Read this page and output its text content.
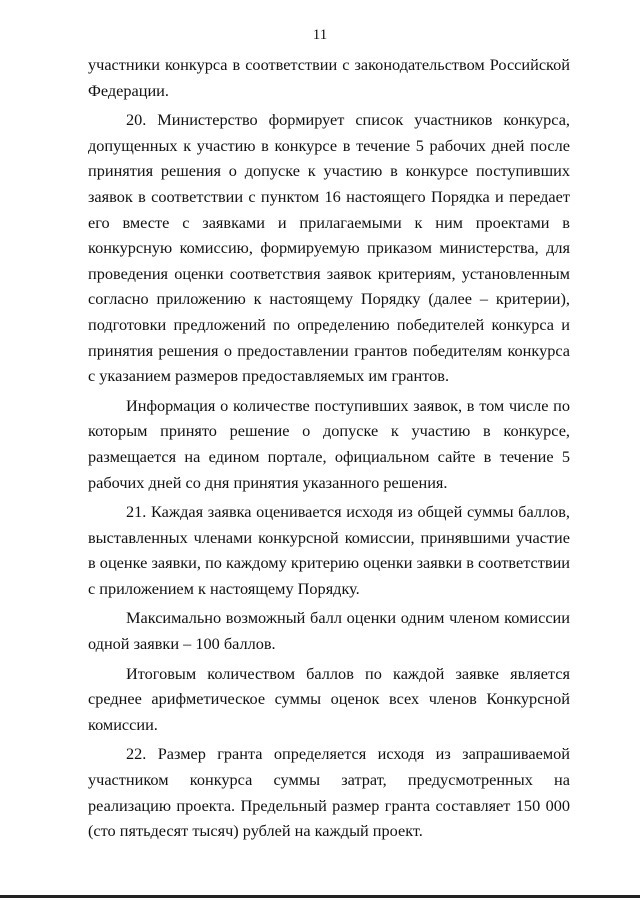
11

участники конкурса в соответствии с законодательством Российской Федерации.

20. Министерство формирует список участников конкурса, допущенных к участию в конкурсе в течение 5 рабочих дней после принятия решения о допуске к участию в конкурсе поступивших заявок в соответствии с пунктом 16 настоящего Порядка и передает его вместе с заявками и прилагаемыми к ним проектами в конкурсную комиссию, формируемую приказом министерства, для проведения оценки соответствия заявок критериям, установленным согласно приложению к настоящему Порядку (далее – критерии), подготовки предложений по определению победителей конкурса и принятия решения о предоставлении грантов победителям конкурса с указанием размеров предоставляемых им грантов.

Информация о количестве поступивших заявок, в том числе по которым принято решение о допуске к участию в конкурсе, размещается на едином портале, официальном сайте в течение 5 рабочих дней со дня принятия указанного решения.

21. Каждая заявка оценивается исходя из общей суммы баллов, выставленных членами конкурсной комиссии, принявшими участие в оценке заявки, по каждому критерию оценки заявки в соответствии с приложением к настоящему Порядку.

Максимально возможный балл оценки одним членом комиссии одной заявки – 100 баллов.

Итоговым количеством баллов по каждой заявке является среднее арифметическое суммы оценок всех членов Конкурсной комиссии.

22. Размер гранта определяется исходя из запрашиваемой участником конкурса суммы затрат, предусмотренных на реализацию проекта. Предельный размер гранта составляет 150 000 (сто пятьдесят тысяч) рублей на каждый проект.
